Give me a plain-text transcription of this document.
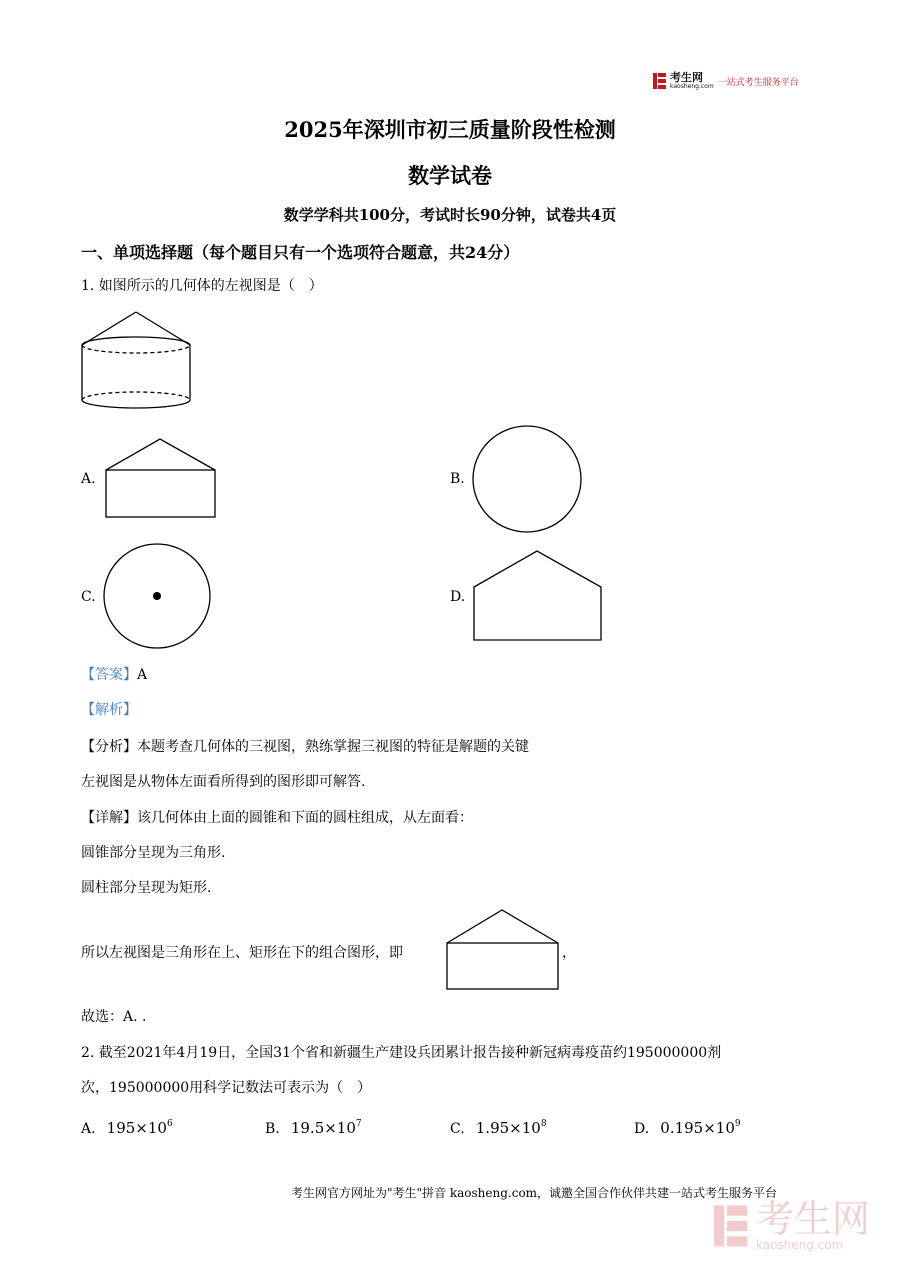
考生网
kaosheng.com 一站式考生服务平台
2025年深圳市初三质量阶段性检测
数学试卷
数学学科共100分，考试时长90分钟，试卷共4页
一、单项选择题（每个题目只有一个选项符合题意，共24分）
1. 如图所示的几何体的左视图是（　）
A.	B.
C.	D.
【答案】A
【解析】
【分析】本题考查几何体的三视图，熟练掌握三视图的特征是解题的关键
左视图是从物体左面看所得到的图形即可解答.
【详解】该几何体由上面的圆锥和下面的圆柱组成，从左面看：
圆锥部分呈现为三角形.
圆柱部分呈现为矩形.
所以左视图是三角形在上、矩形在下的组合图形，即	，
故选：A. .
2. 截至2021年4月19日，全国31个省和新疆生产建设兵团累计报告接种新冠病毒疫苗约195000000剂
次，195000000用科学记数法可表示为（　）
A. $195\times 10^6$	B. $19.5\times 10^7$	C. $1.95\times 10^8$	D. $0.195\times 10^9$
考生网官方网址为"考生"拼音 kaosheng.com，诚邀全国合作伙伴共建一站式考生服务平台
考生网
kaosheng.com
